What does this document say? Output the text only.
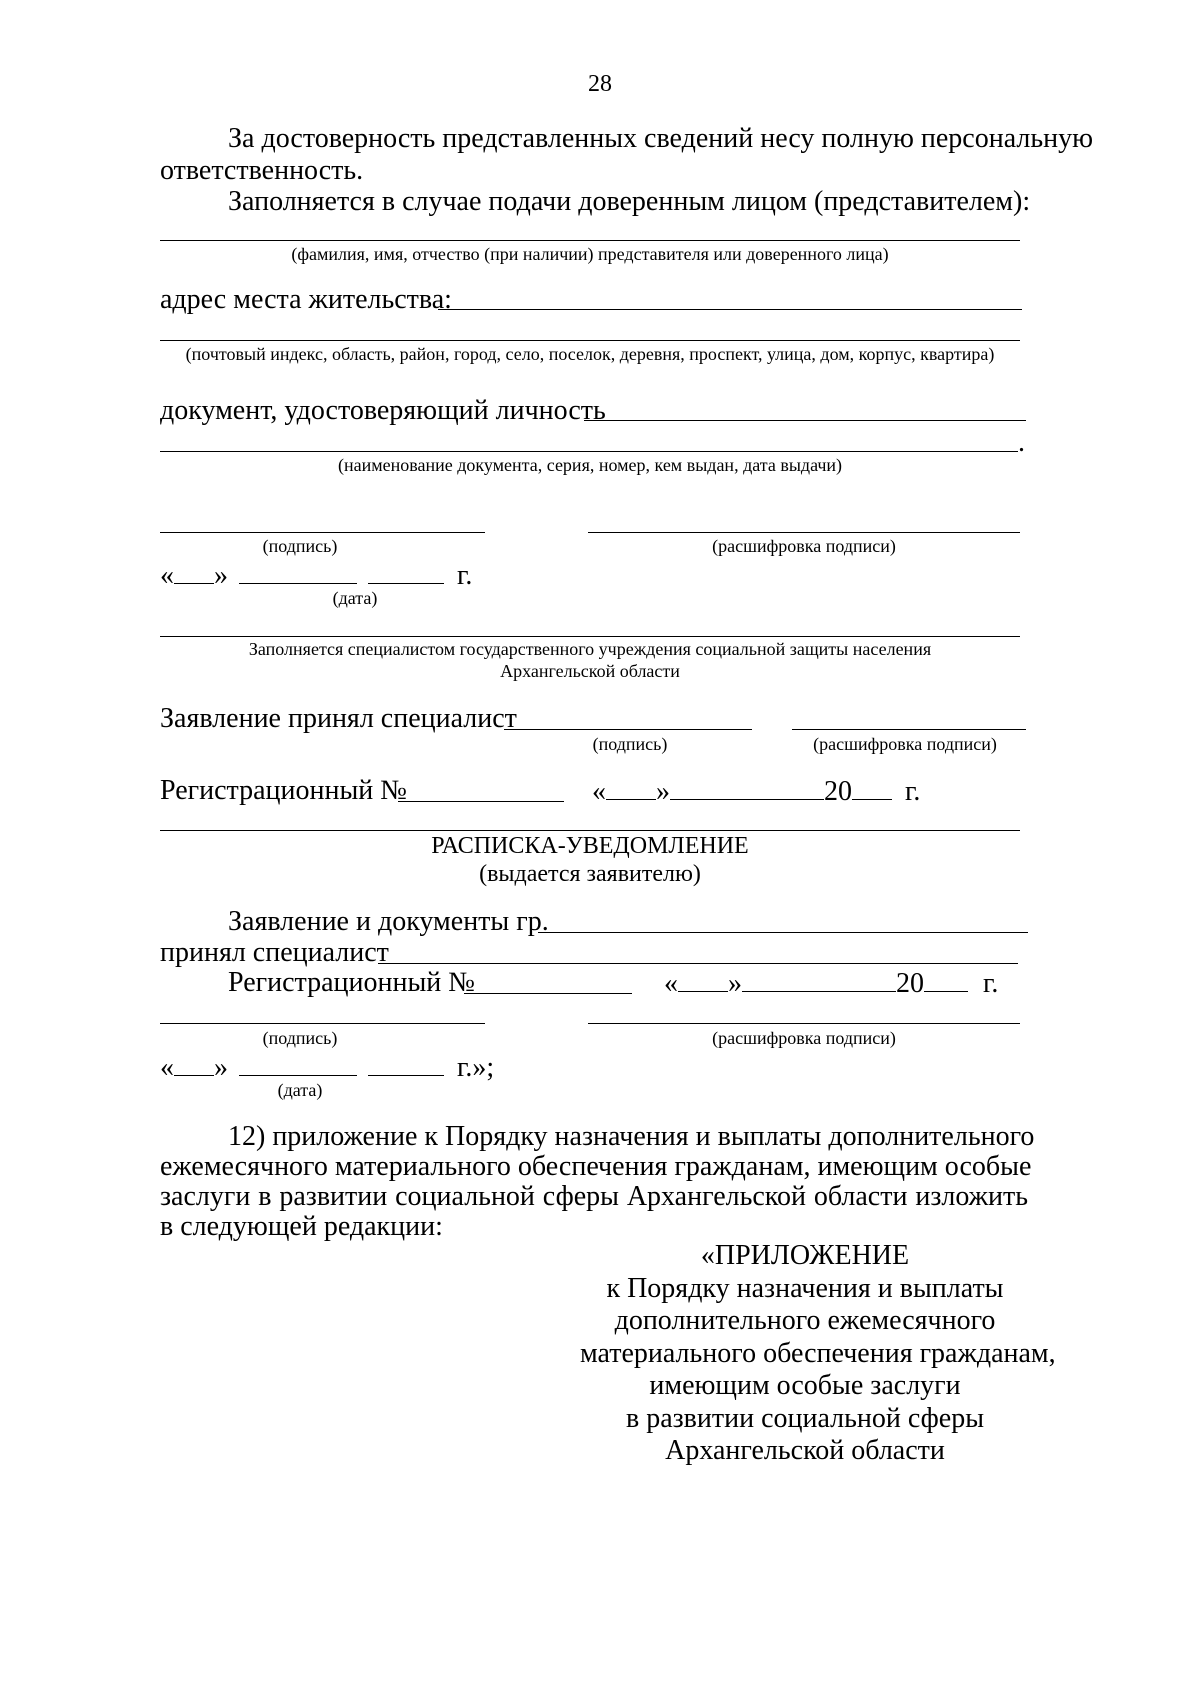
28
За достоверность представленных сведений несу полную персональную
ответственность.
Заполняется в случае подачи доверенным лицом (представителем):
(фамилия, имя, отчество (при наличии) представителя или доверенного лица)
адрес места жительства:
(почтовый индекс, область, район, город, село, поселок, деревня, проспект, улица, дом, корпус, квартира)
документ, удостоверяющий личность
.
(наименование документа, серия, номер, кем выдан, дата выдачи)
(подпись)	(расшифровка подписи)
« »	г.
(дата)
Заполняется специалистом государственного учреждения социальной защиты населения
Архангельской области
Заявление принял специалист
(подпись)	(расшифровка подписи)
Регистрационный №	« »	20 г.
РАСПИСКА-УВЕДОМЛЕНИЕ
(выдается заявителю)
Заявление и документы гр.
принял специалист
Регистрационный №	« »	20 г.
(подпись)	(расшифровка подписи)
« »	г.»;
(дата)
12) приложение к Порядку назначения и выплаты дополнительного
ежемесячного материального обеспечения гражданам, имеющим особые
заслуги в развитии социальной сферы Архангельской области изложить
в следующей редакции:
«ПРИЛОЖЕНИЕ
к Порядку назначения и выплаты
дополнительного ежемесячного
материального обеспечения гражданам,
имеющим особые заслуги
в развитии социальной сферы
Архангельской области
